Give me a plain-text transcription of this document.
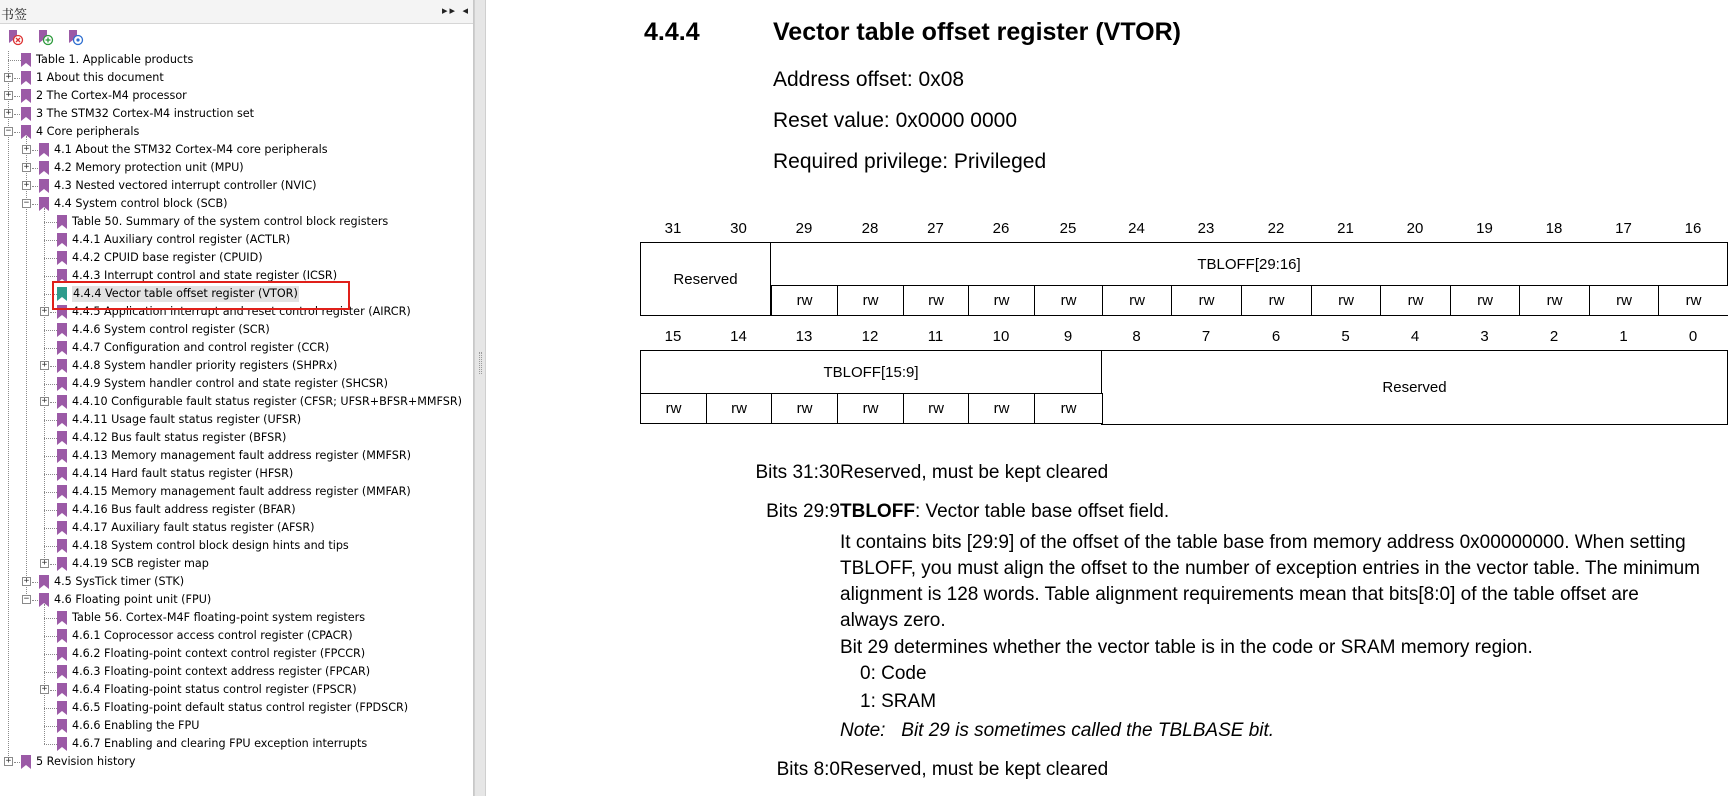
书签	▸▸ ◂
Table 1. Applicable products
+ 1 About this document
+ 2 The Cortex-M4 processor
+ 3 The STM32 Cortex-M4 instruction set
− 4 Core peripherals
+ 4.1 About the STM32 Cortex-M4 core peripherals
+ 4.2 Memory protection unit (MPU)
+ 4.3 Nested vectored interrupt controller (NVIC)
− 4.4 System control block (SCB)
Table 50. Summary of the system control block registers
4.4.1 Auxiliary control register (ACTLR)
4.4.2 CPUID base register (CPUID)
4.4.3 Interrupt control and state register (ICSR)
4.4.4 Vector table offset register (VTOR)
+ 4.4.5 Application interrupt and reset control register (AIRCR)
4.4.6 System control register (SCR)
4.4.7 Configuration and control register (CCR)
+ 4.4.8 System handler priority registers (SHPRx)
4.4.9 System handler control and state register (SHCSR)
+ 4.4.10 Configurable fault status register (CFSR; UFSR+BFSR+MMFSR)
4.4.11 Usage fault status register (UFSR)
4.4.12 Bus fault status register (BFSR)
4.4.13 Memory management fault address register (MMFSR)
4.4.14 Hard fault status register (HFSR)
4.4.15 Memory management fault address register (MMFAR)
4.4.16 Bus fault address register (BFAR)
4.4.17 Auxiliary fault status register (AFSR)
4.4.18 System control block design hints and tips
+ 4.4.19 SCB register map
+ 4.5 SysTick timer (STK)
− 4.6 Floating point unit (FPU)
Table 56. Cortex-M4F floating-point system registers
4.6.1 Coprocessor access control register (CPACR)
4.6.2 Floating-point context control register (FPCCR)
4.6.3 Floating-point context address register (FPCAR)
+ 4.6.4 Floating-point status control register (FPSCR)
4.6.5 Floating-point default status control register (FPDSCR)
4.6.6 Enabling the FPU
4.6.7 Enabling and clearing FPU exception interrupts
+ 5 Revision history
4.4.4	Vector table offset register (VTOR)
Address offset: 0x08
Reset value: 0x0000 0000
Required privilege: Privileged
31	30	29	28	27	26	25	24	23	22	21	20	19	18	17	16
Reserved
TBLOFF[29:16]
rw	rw	rw	rw	rw	rw	rw	rw	rw	rw	rw	rw	rw	rw
15	14	13	12	11	10	9	8	7	6	5	4	3	2	1	0
TBLOFF[15:9]
Reserved
rw	rw	rw	rw	rw	rw	rw
Bits 31:30 Reserved, must be kept cleared
Bits 29:9 TBLOFF: Vector table base offset field.
It contains bits [29:9] of the offset of the table base from memory address 0x00000000. When setting TBLOFF, you must align the offset to the number of exception entries in the vector table. The minimum alignment is 128 words. Table alignment requirements mean that bits[8:0] of the table offset are always zero.
Bit 29 determines whether the vector table is in the code or SRAM memory region.
0: Code
1: SRAM
Note: Bit 29 is sometimes called the TBLBASE bit.
Bits 8:0 Reserved, must be kept cleared
